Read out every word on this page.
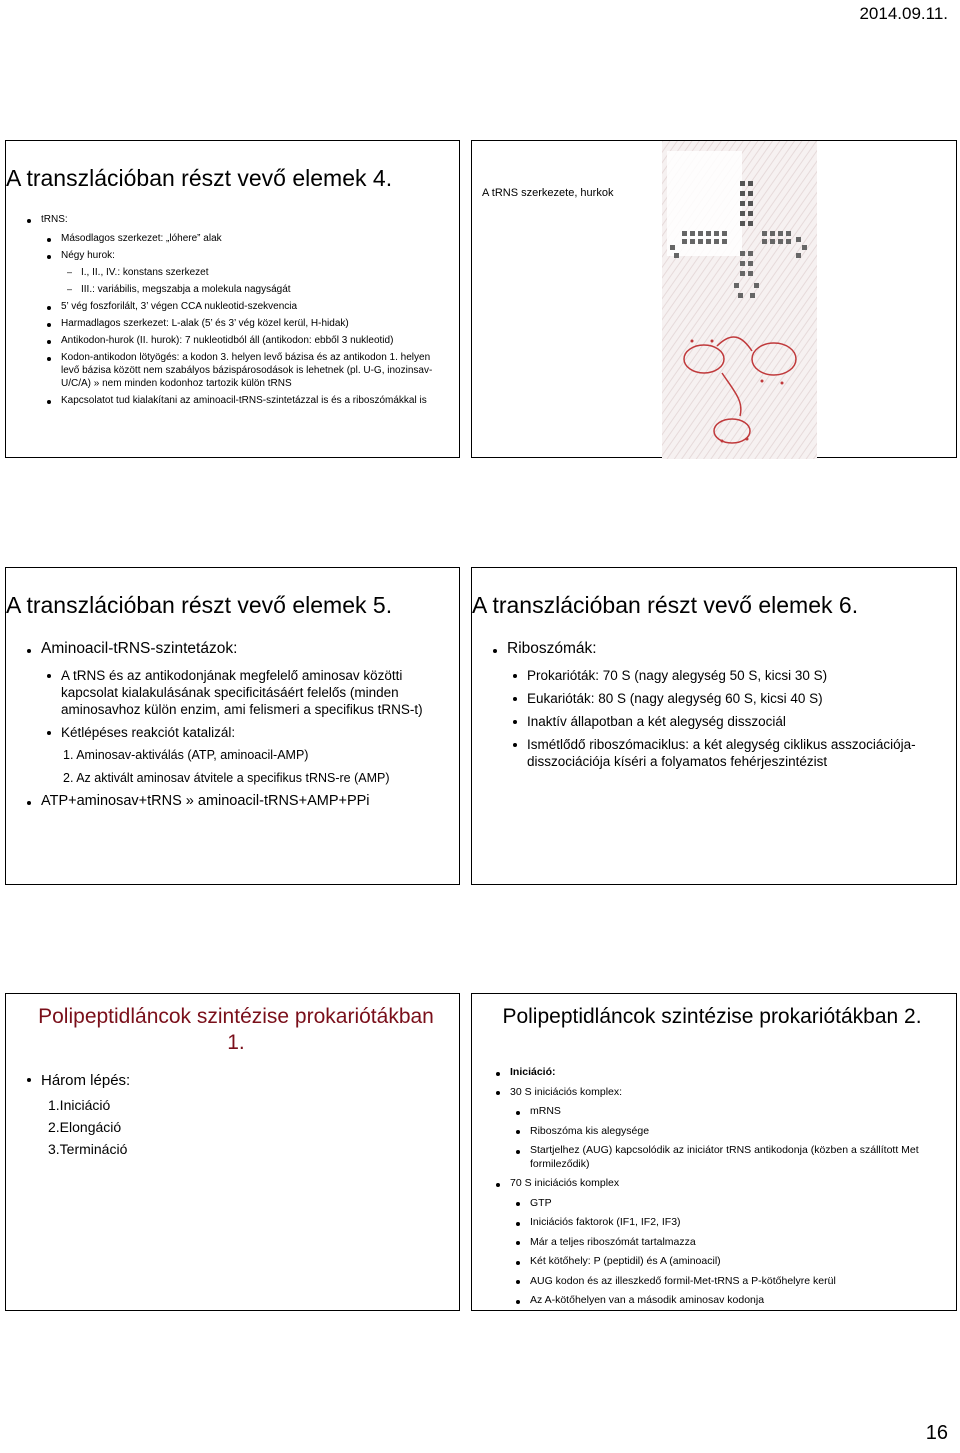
2014.09.11.
A transzlációban részt vevő elemek 4.
tRNS:
Másodlagos szerkezet: „lóhere” alak
Négy hurok:
– I., II., IV.: konstans szerkezet
– III.: variábilis, megszabja a molekula nagyságát
5’ vég foszforilált, 3’ végen CCA nukleotid-szekvencia
Harmadlagos szerkezet: L-alak (5’ és 3’ vég közel kerül, H-hidak)
Antikodon-hurok (II. hurok): 7 nukleotidból áll (antikodon: ebből 3 nukleotid)
Kodon-antikodon lötyögés: a kodon 3. helyen levő bázisa és az antikodon 1. helyen levő bázisa között nem szabályos bázispárosodások is lehetnek (pl. U-G, inozinsav-U/C/A) » nem minden kodonhoz tartozik külön tRNS
Kapcsolatot tud kialakítani az aminoacil-tRNS-szintetázzal is és a riboszómákkal is
A tRNS szerkezete, hurkok
A transzlációban részt vevő elemek 5.
Aminoacil-tRNS-szintetázok:
A tRNS és az antikodonjának megfelelő aminosav közötti kapcsolat kialakulásának specificitásáért felelős (minden aminosavhoz külön enzim, ami felismeri a specifikus tRNS-t)
Kétlépéses reakciót katalizál:
1. Aminosav-aktiválás (ATP, aminoacil-AMP)
2. Az aktivált aminosav átvitele a specifikus tRNS-re (AMP)
ATP+aminosav+tRNS » aminoacil-tRNS+AMP+PPi
A transzlációban részt vevő elemek 6.
Riboszómák:
Prokarióták: 70 S (nagy alegység 50 S, kicsi 30 S)
Eukarióták: 80 S (nagy alegység 60 S, kicsi 40 S)
Inaktív állapotban a két alegység disszociál
Ismétlődő riboszómaciklus: a két alegység ciklikus asszociációja-disszociációja kíséri a folyamatos fehérjeszintézist
Polipeptidláncok szintézise prokariótákban 1.
Három lépés:
1.Iniciáció
2.Elongáció
3.Termináció
Polipeptidláncok szintézise prokariótákban 2.
Iniciáció:
30 S iniciációs komplex:
mRNS
Riboszóma kis alegysége
Startjelhez (AUG) kapcsolódik az iniciátor tRNS antikodonja (közben a szállított Met formileződik)
70 S iniciációs komplex
GTP
Iniciációs faktorok (IF1, IF2, IF3)
Már a teljes riboszómát tartalmazza
Két kötőhely: P (peptidil) és A (aminoacil)
AUG kodon és az illeszkedő formil-Met-tRNS a P-kötőhelyre kerül
Az A-kötőhelyen van a második aminosav kodonja
16
